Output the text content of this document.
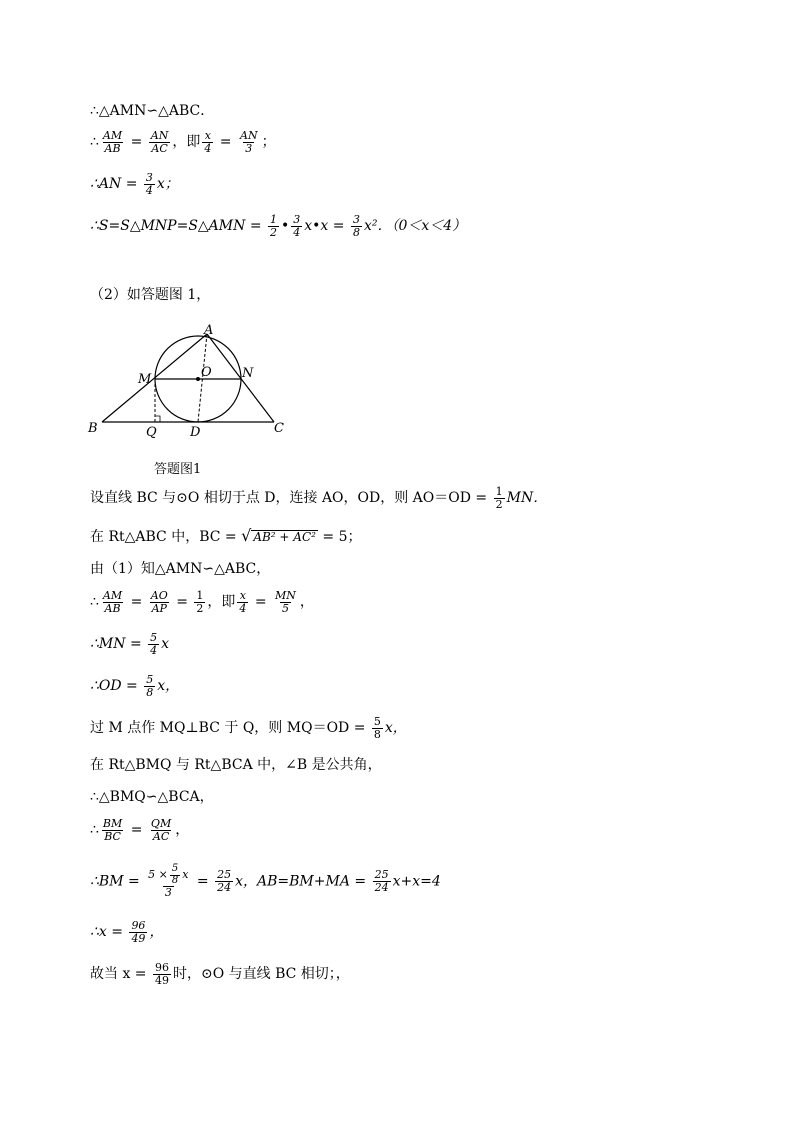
∴△AMN∽△ABC．
∴ $\frac{AM}{AB} = \frac{AN}{AC}$ ，即 $\frac{x}{4} = \frac{AN}{3}$ ；
∴AN = $\frac{3}{4}$ x；
∴S=S△MNP=S△AMN = $\frac{1}{2}$ • $\frac{3}{4}$ x•x = $\frac{3}{8} x^2$．（0＜x＜4）
（2）如答题图 1，
A
O
M	N
B	Q	D	C
答题图1
设直线 BC 与⊙O 相切于点 D，连接 AO，OD，则 $AO=OD = \frac{1}{2}$ MN．
在 Rt△ABC 中，BC = √ AB² + AC² = 5；
由（1）知△AMN∽△ABC，
∴ $\frac{AM}{AB} = \frac{AO}{AP} = \frac{1}{2}$ ，即 $\frac{x}{4} = \frac{MN}{5}$ ，
∴MN = $\frac{5}{4}$ x
∴OD = $\frac{5}{8}$ x，
过 M 点作 MQ⊥BC 于 Q，则 $MQ=OD = \frac{5}{8}$ x，
在 Rt△BMQ 与 Rt△BCA 中，∠B 是公共角，
∴△BMQ∽△BCA，
∴ $\frac{BM}{BC} = \frac{QM}{AC}$ ，
∴BM = $\frac{5 \times \frac{5}{8} x}{3} = \frac{25}{24}$ x，$AB=BM+MA = \frac{25}{24} x+x=4$
∴x = $\frac{96}{49}$ ，
故当 $x = \frac{96}{49}$ 时，⊙O 与直线 BC 相切；，
